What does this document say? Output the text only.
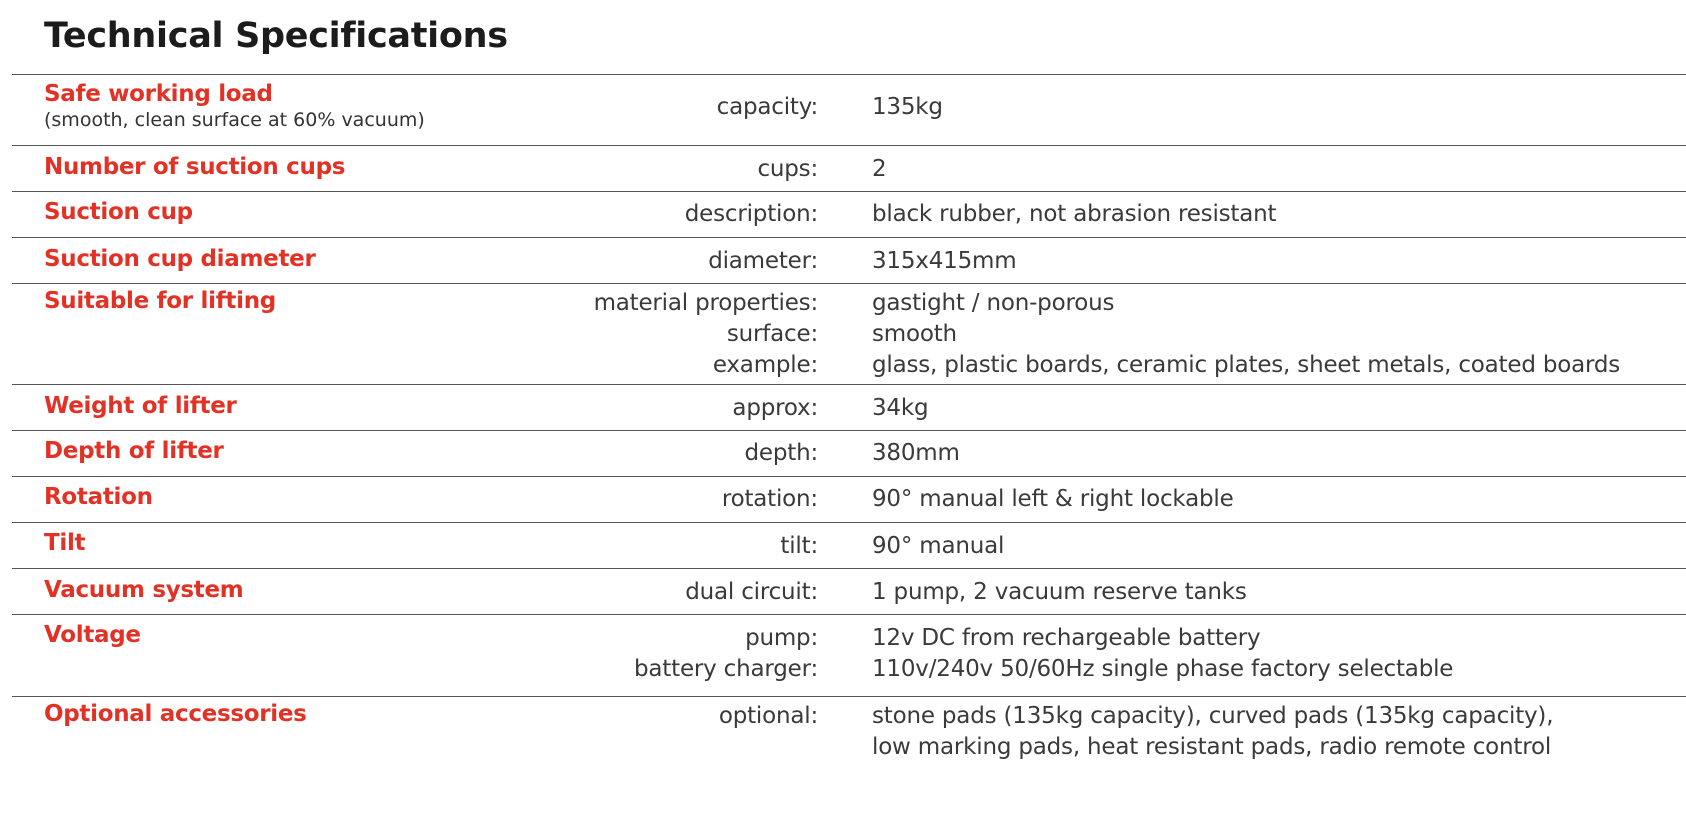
Technical Specifications
Safe working load
(smooth, clean surface at 60% vacuum)	capacity: 135kg
Number of suction cups	cups: 2
Suction cup	description: black rubber, not abrasion resistant
Suction cup diameter	diameter: 315x415mm
Suitable for lifting	material properties: gastight / non-porous
surface: smooth
example: glass, plastic boards, ceramic plates, sheet metals, coated boards
Weight of lifter	approx: 34kg
Depth of lifter	depth: 380mm
Rotation	rotation: 90° manual left & right lockable
Tilt	tilt: 90° manual
Vacuum system	dual circuit: 1 pump, 2 vacuum reserve tanks
Voltage	pump: 12v DC from rechargeable battery
battery charger: 110v/240v 50/60Hz single phase factory selectable
Optional accessories	optional: stone pads (135kg capacity), curved pads (135kg capacity),
low marking pads, heat resistant pads, radio remote control
